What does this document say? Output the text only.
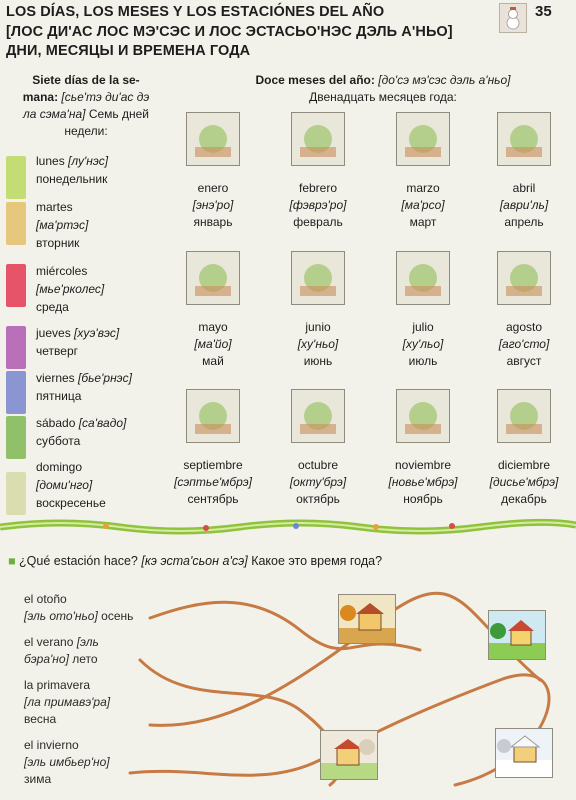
LOS DÍAS, LOS MESES Y LOS ESTACIÓNES DEL AÑO
[ЛОС ДИ'АС ЛОС МЭ'СЭС И ЛОС ЭСТАСЬО'НЭС ДЭЛЬ А'НЬО]
ДНИ, МЕСЯЦЫ И ВРЕМЕНА ГОДА
35
Siete días de la se-
mana: [сье'тэ ди'ас дэ
ла сэма'на] Семь дней
недели:
lunes [лу'нэс]
понедельник
martes
[ма'ртэс]
вторник
miércoles
[мье'рколес]
среда
jueves [хуэ'вэс]
четверг
viernes [бье'рнэс]
пятница
sábado [са'вадо]
суббота
domingo
[доми'нго]
воскресенье
Doce meses del año: [до'сэ мэ'сэс дэль а'ньо]
Двенадцать месяцев года:
enero
[энэ'ро]
январь
febrero
[фэврэ'ро]
февраль
marzo
[ма'рсо]
март
abril
[аври'ль]
апрель
mayo
[ма'йо]
май
junio
[ху'ньо]
июнь
julio
[ху'льо]
июль
agosto
[аго'сто]
август
septiembre
[сэптье'мбрэ]
сентябрь
octubre
[окту'брэ]
октябрь
noviembre
[новье'мбрэ]
ноябрь
diciembre
[дисье'мбрэ]
декабрь
■ ¿Qué estación hace? [кэ эста'сьон а'сэ] Какое это время года?
el otoño
[эль ото'ньо] осень
el verano [эль
бэра'но] лето
la primavera
[ла примавэ'ра]
весна
el invierno
[эль имбьер'но]
зима
